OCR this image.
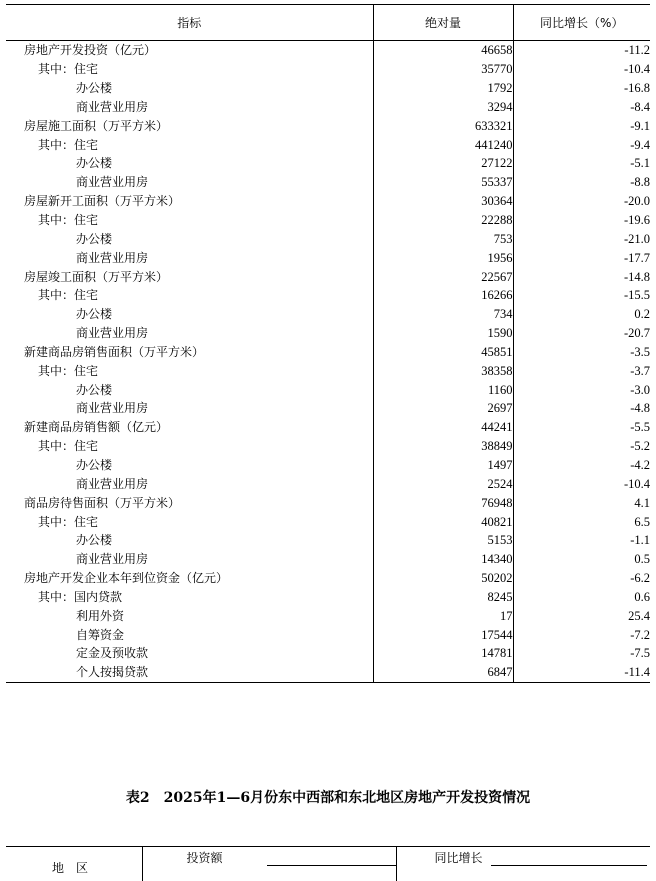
指标	绝对量	同比增长（%）
房地产开发投资（亿元）	46658	-11.2
其中：住宅	35770	-10.4
办公楼	1792	-16.8
商业营业用房	3294	-8.4
房屋施工面积（万平方米）	633321	-9.1
其中：住宅	441240	-9.4
办公楼	27122	-5.1
商业营业用房	55337	-8.8
房屋新开工面积（万平方米）	30364	-20.0
其中：住宅	22288	-19.6
办公楼	753	-21.0
商业营业用房	1956	-17.7
房屋竣工面积（万平方米）	22567	-14.8
其中：住宅	16266	-15.5
办公楼	734	0.2
商业营业用房	1590	-20.7
新建商品房销售面积（万平方米）	45851	-3.5
其中：住宅	38358	-3.7
办公楼	1160	-3.0
商业营业用房	2697	-4.8
新建商品房销售额（亿元）	44241	-5.5
其中：住宅	38849	-5.2
办公楼	1497	-4.2
商业营业用房	2524	-10.4
商品房待售面积（万平方米）	76948	4.1
其中：住宅	40821	6.5
办公楼	5153	-1.1
商业营业用房	14340	0.5
房地产开发企业本年到位资金（亿元）	50202	-6.2
其中：国内贷款	8245	0.6
利用外资	17	25.4
自筹资金	17544	-7.2
定金及预收款	14781	-7.5
个人按揭贷款	6847	-11.4
表2　2025年1—6月份东中西部和东北地区房地产开发投资情况
地　区	投资额	同比增长
